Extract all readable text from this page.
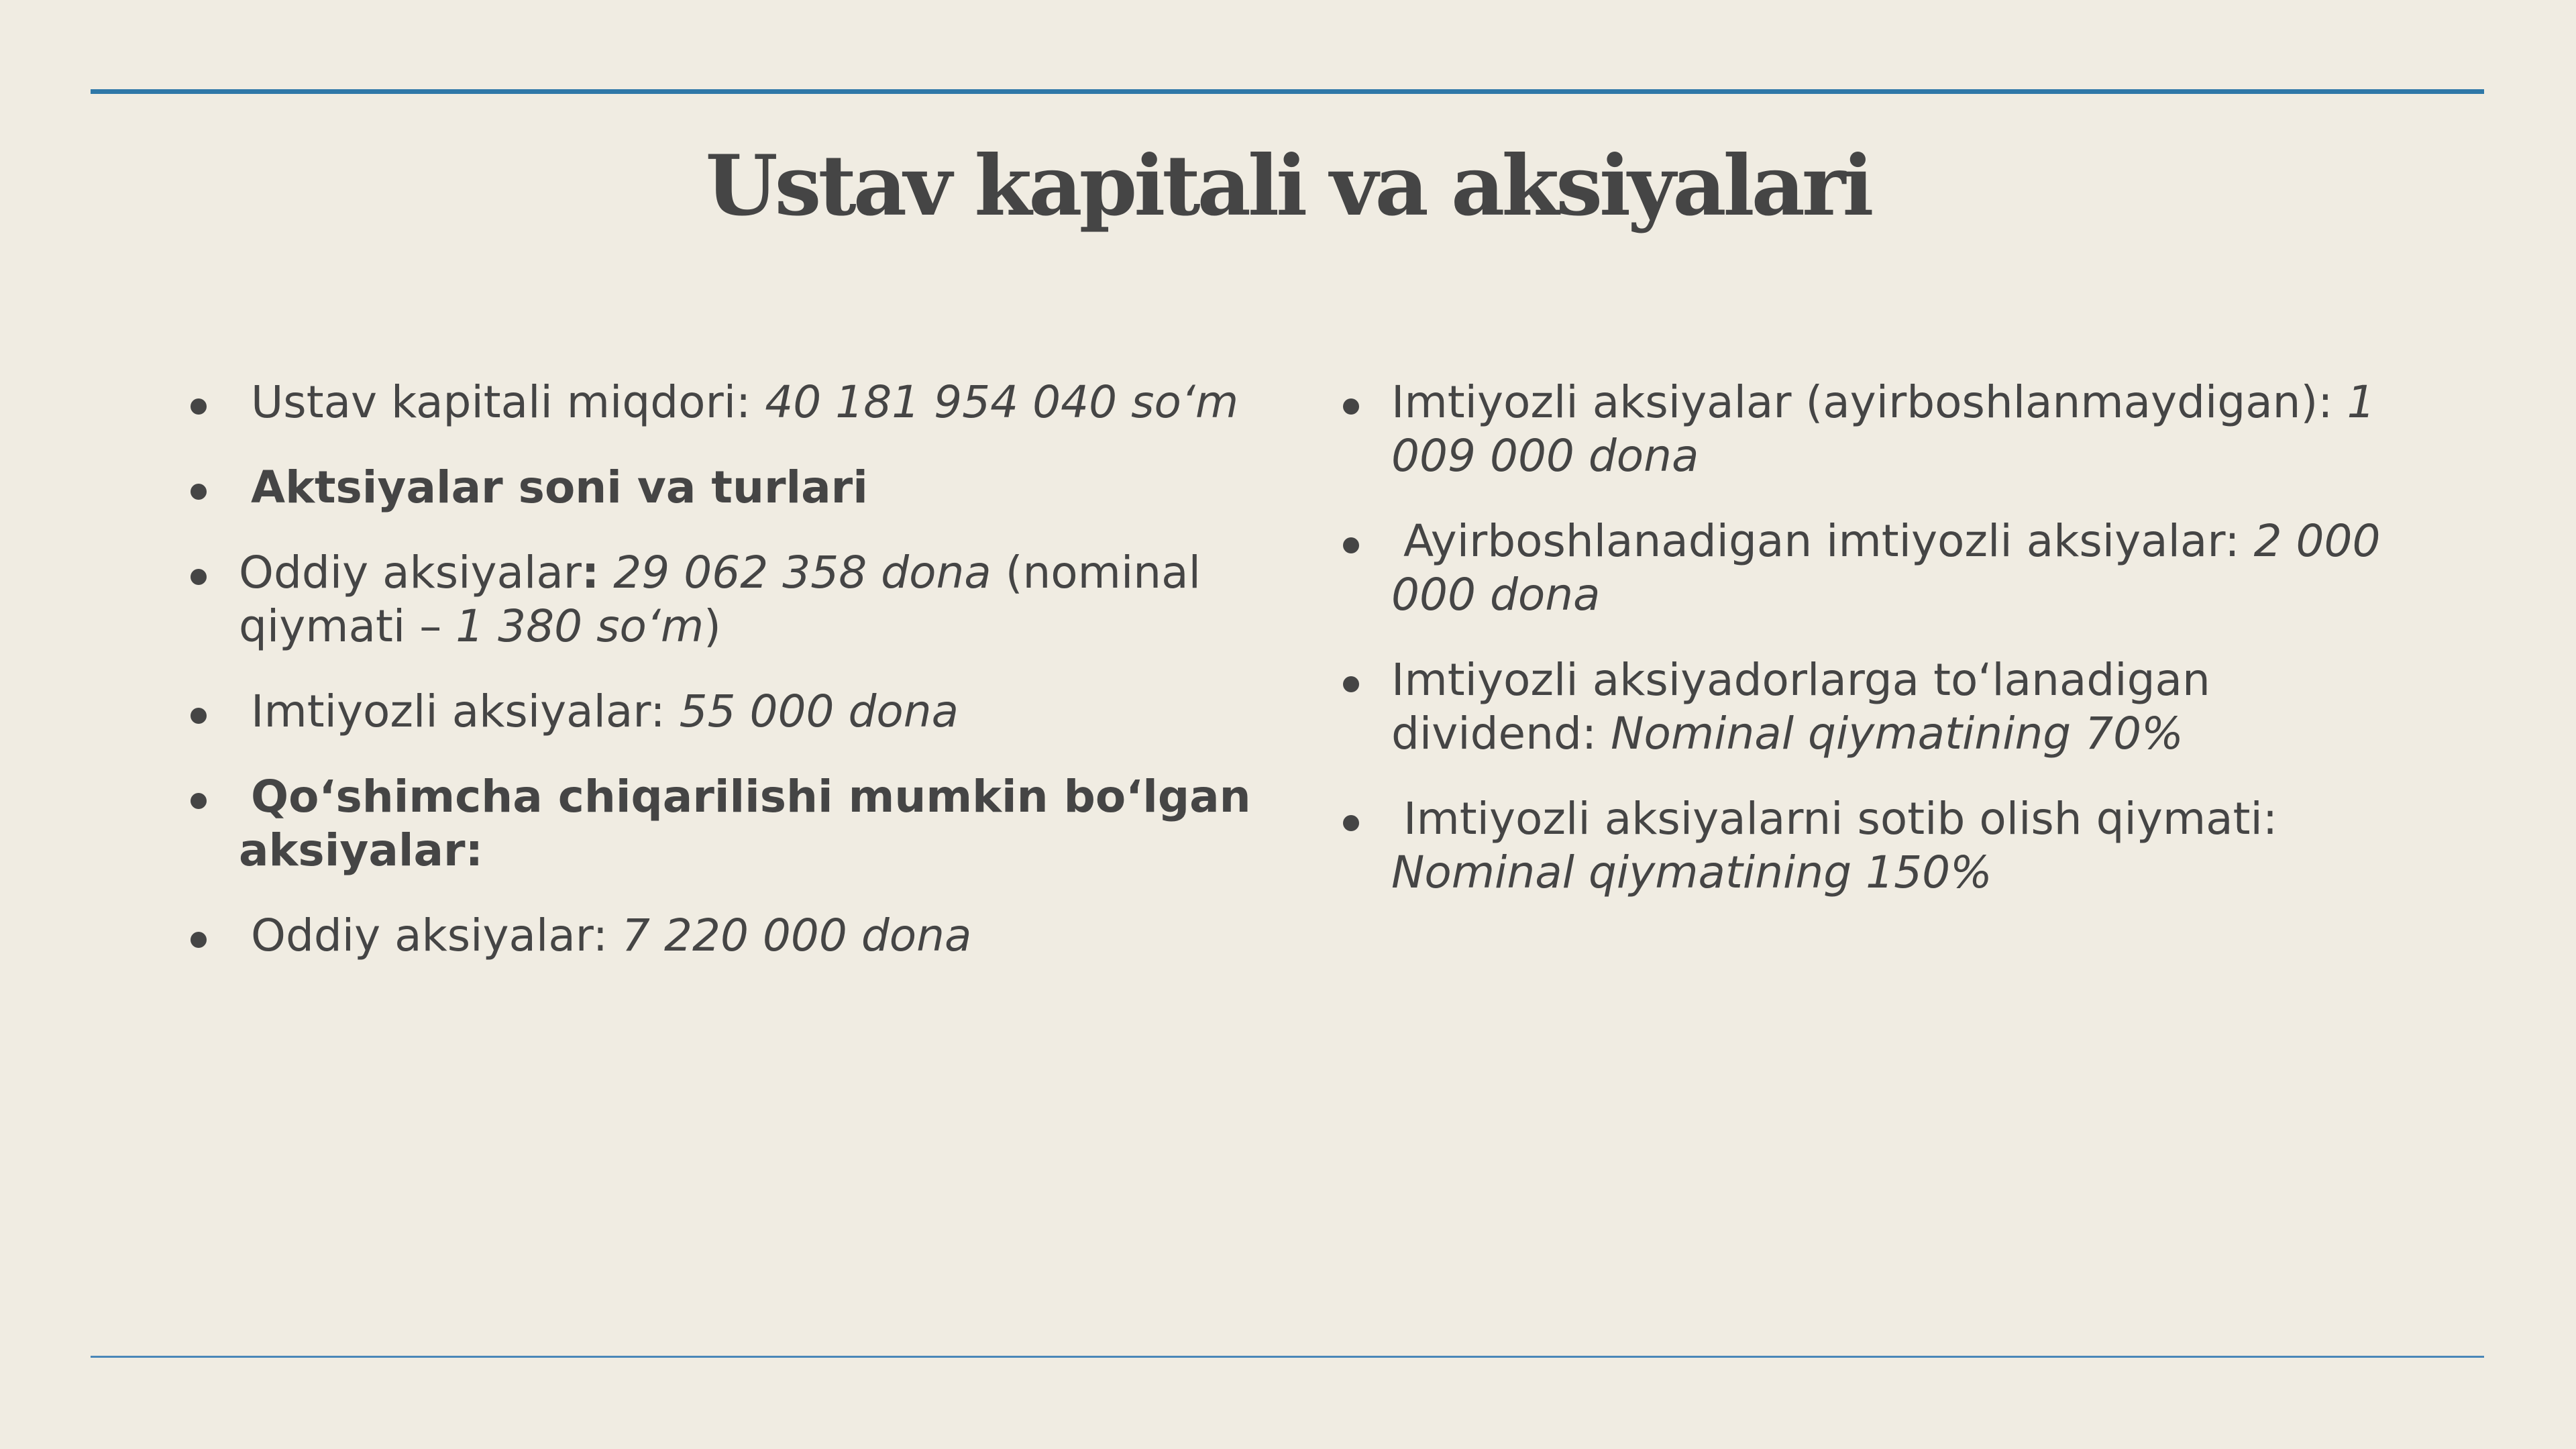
Ustav kapitali va aksiyalari
Ustav kapitali miqdori: 40 181 954 040 so‘m
Aktsiyalar soni va turlari
Oddiy aksiyalar: 29 062 358 dona (nominal qiymati – 1 380 so‘m)
Imtiyozli aksiyalar: 55 000 dona
Qo‘shimcha chiqarilishi mumkin bo‘lgan aksiyalar:
Oddiy aksiyalar: 7 220 000 dona
Imtiyozli aksiyalar (ayirboshlanmaydigan): 1 009 000 dona
Ayirboshlanadigan imtiyozli aksiyalar: 2 000 000 dona
Imtiyozli aksiyadorlarga to‘lanadigan dividend: Nominal qiymatining 70%
Imtiyozli aksiyalarni sotib olish qiymati: Nominal qiymatining 150%
